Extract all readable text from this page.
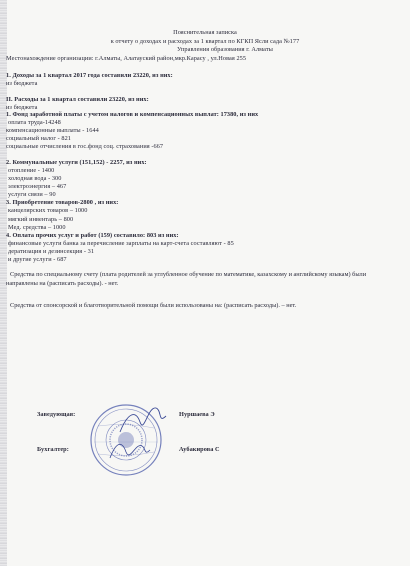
Пояснительная записка
к отчету о доходах и расходах за 1 квартал по КГКП Ясли сада №177
Управления образования г. Алматы
Местонахождение организации: г.Алматы, Алатауский район,мкр.Карасу , ул.Новая 255
1. Доходы за 1 квартал 2017 года составили 23220, из них:
из бюджета
II. Расходы за 1 квартал составили 23220, из них:
из бюджета
1. Фонд заработной платы с учетом налогов и компенсационных выплат: 17380, из них
оплата труда-14248
компенсационные выплаты - 1644
социальный налог - 821
социальные отчисления в гос.фонд соц. страхования -667
2. Коммунальные услуги (151,152) - 2257, из них:
отопление - 1400
холодная вода - 300
электроэнергия – 467
услуги связи – 90
3. Приобретение товаров-2800 , из них:
канцелярских товаров – 1000
мягкий инвентарь – 800
Мед. средства – 1000
4. Оплата прочих услуг и работ (159) составило: 803 из них:
финансовые услуги банка за перечисление зарплаты на карт-счета составляют - 85
дератизация и дезинсекция - 31
и другие услуги - 687
Средства по специальному счету (плата родителей за углубленное обучение по математике, казахскому и английскому языкам) были направлены на (расписать расходы). - нет.
Средства от спонсорской и благотворительной помощи были использованы на: (расписать расходы). – нет.
Заведующая:	Нуршаева Э
Бухгалтер:	Аубакирова С
